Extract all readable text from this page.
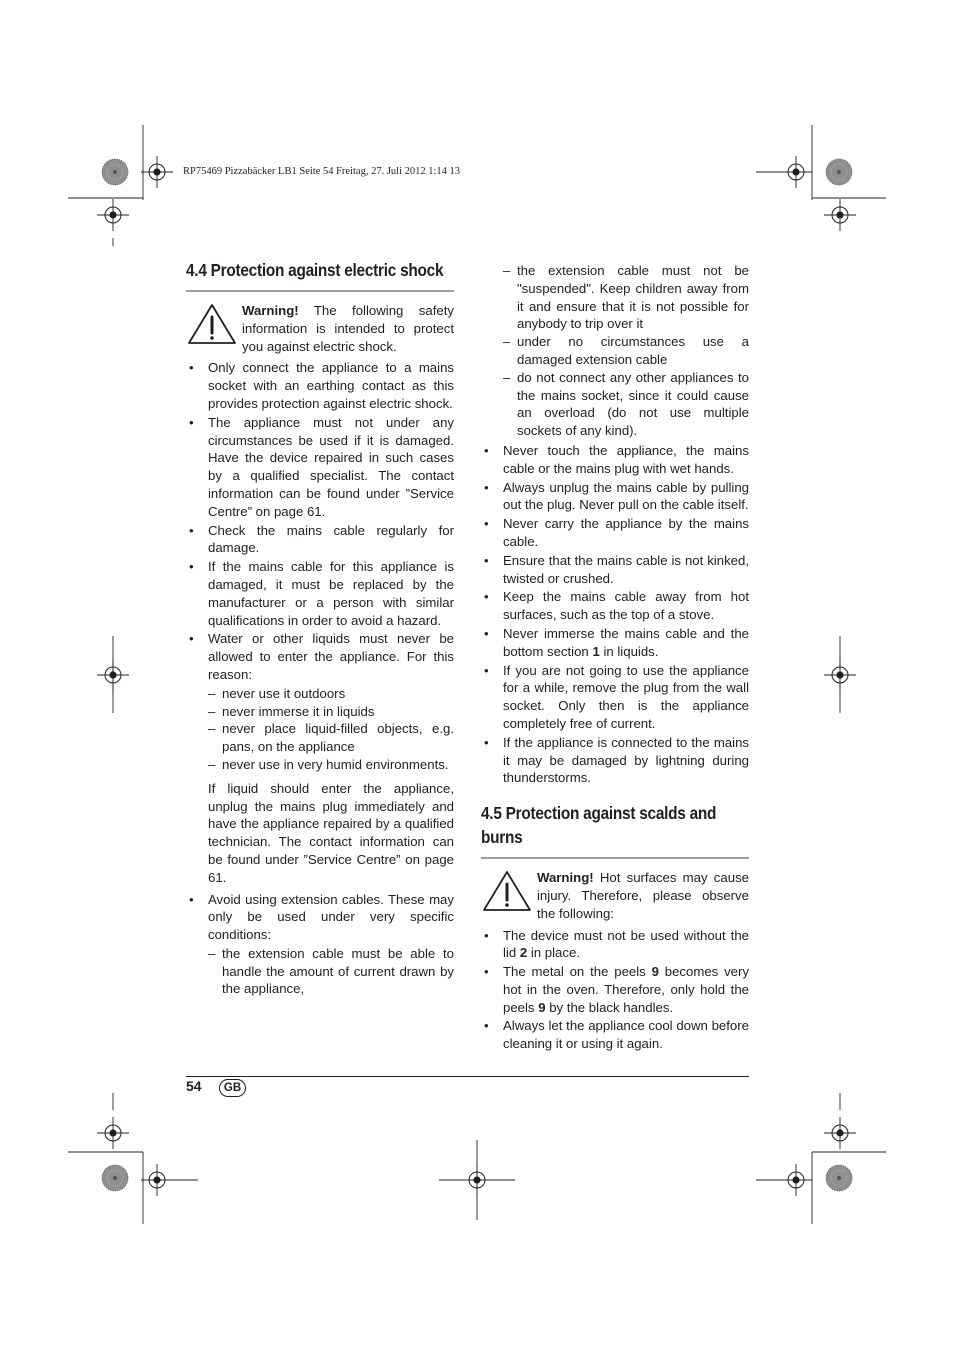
RP75469 Pizzabäcker LB1 Seite 54 Freitag, 27. Juli 2012 1:14 13
4.4 Protection against electric shock
Warning! The following safety information is intended to protect you against electric shock.
• Only connect the appliance to a mains socket with an earthing contact as this provides protection against electric shock.
• The appliance must not under any circumstances be used if it is damaged. Have the device repaired in such cases by a qualified specialist. The contact information can be found under ”Service Centre” on page 61.
• Check the mains cable regularly for damage.
• If the mains cable for this appliance is damaged, it must be replaced by the manufacturer or a person with similar qualifications in order to avoid a hazard.
• Water or other liquids must never be allowed to enter the appliance. For this reason:
– never use it outdoors
– never immerse it in liquids
– never place liquid-filled objects, e.g. pans, on the appliance
– never use in very humid environments.
If liquid should enter the appliance, unplug the mains plug immediately and have the appliance repaired by a qualified technician. The contact information can be found under ”Service Centre” on page 61.
• Avoid using extension cables. These may only be used under very specific conditions:
– the extension cable must be able to handle the amount of current drawn by the appliance,
– the extension cable must not be "suspended". Keep children away from it and ensure that it is not possible for anybody to trip over it
– under no circumstances use a damaged extension cable
– do not connect any other appliances to the mains socket, since it could cause an overload (do not use multiple sockets of any kind).
• Never touch the appliance, the mains cable or the mains plug with wet hands.
• Always unplug the mains cable by pulling out the plug. Never pull on the cable itself.
• Never carry the appliance by the mains cable.
• Ensure that the mains cable is not kinked, twisted or crushed.
• Keep the mains cable away from hot surfaces, such as the top of a stove.
• Never immerse the mains cable and the bottom section 1 in liquids.
• If you are not going to use the appliance for a while, remove the plug from the wall socket. Only then is the appliance completely free of current.
• If the appliance is connected to the mains it may be damaged by lightning during thunderstorms.
4.5 Protection against scalds and burns
Warning! Hot surfaces may cause injury. Therefore, please observe the following:
• The device must not be used without the lid 2 in place.
• The metal on the peels 9 becomes very hot in the oven. Therefore, only hold the peels 9 by the black handles.
• Always let the appliance cool down before cleaning it or using it again.
54	GB
